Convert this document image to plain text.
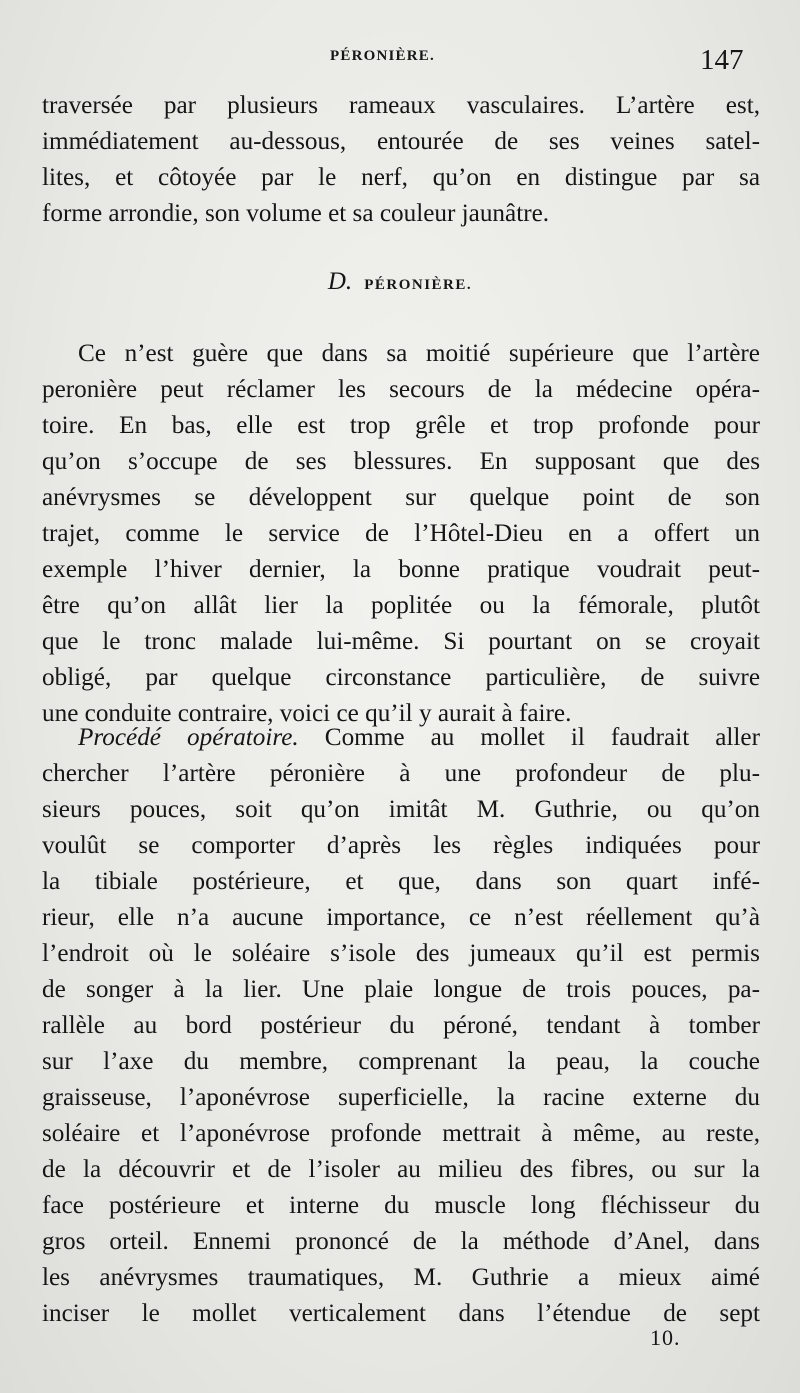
PÉRONIÈRE.	147
traversée par plusieurs rameaux vasculaires. L’artère est,
immédiatement au-dessous, entourée de ses veines satel-
lites, et côtoyée par le nerf, qu’on en distingue par sa
forme arrondie, son volume et sa couleur jaunâtre.
D. PÉRONIÈRE.
Ce n’est guère que dans sa moitié supérieure que l’artère
peronière peut réclamer les secours de la médecine opéra-
toire. En bas, elle est trop grêle et trop profonde pour
qu’on s’occupe de ses blessures. En supposant que des
anévrysmes se développent sur quelque point de son
trajet, comme le service de l’Hôtel-Dieu en a offert un
exemple l’hiver dernier, la bonne pratique voudrait peut-
être qu’on allât lier la poplitée ou la fémorale, plutôt
que le tronc malade lui-même. Si pourtant on se croyait
obligé, par quelque circonstance particulière, de suivre
une conduite contraire, voici ce qu’il y aurait à faire.
Procédé opératoire. Comme au mollet il faudrait aller
chercher l’artère péronière à une profondeur de plu-
sieurs pouces, soit qu’on imitât M. Guthrie, ou qu’on
voulût se comporter d’après les règles indiquées pour
la tibiale postérieure, et que, dans son quart infé-
rieur, elle n’a aucune importance, ce n’est réellement qu’à
l’endroit où le soléaire s’isole des jumeaux qu’il est permis
de songer à la lier. Une plaie longue de trois pouces, pa-
rallèle au bord postérieur du péroné, tendant à tomber
sur l’axe du membre, comprenant la peau, la couche
graisseuse, l’aponévrose superficielle, la racine externe du
soléaire et l’aponévrose profonde mettrait à même, au reste,
de la découvrir et de l’isoler au milieu des fibres, ou sur la
face postérieure et interne du muscle long fléchisseur du
gros orteil. Ennemi prononcé de la méthode d’Anel, dans
les anévrysmes traumatiques, M. Guthrie a mieux aimé
inciser le mollet verticalement dans l’étendue de sept
10.
